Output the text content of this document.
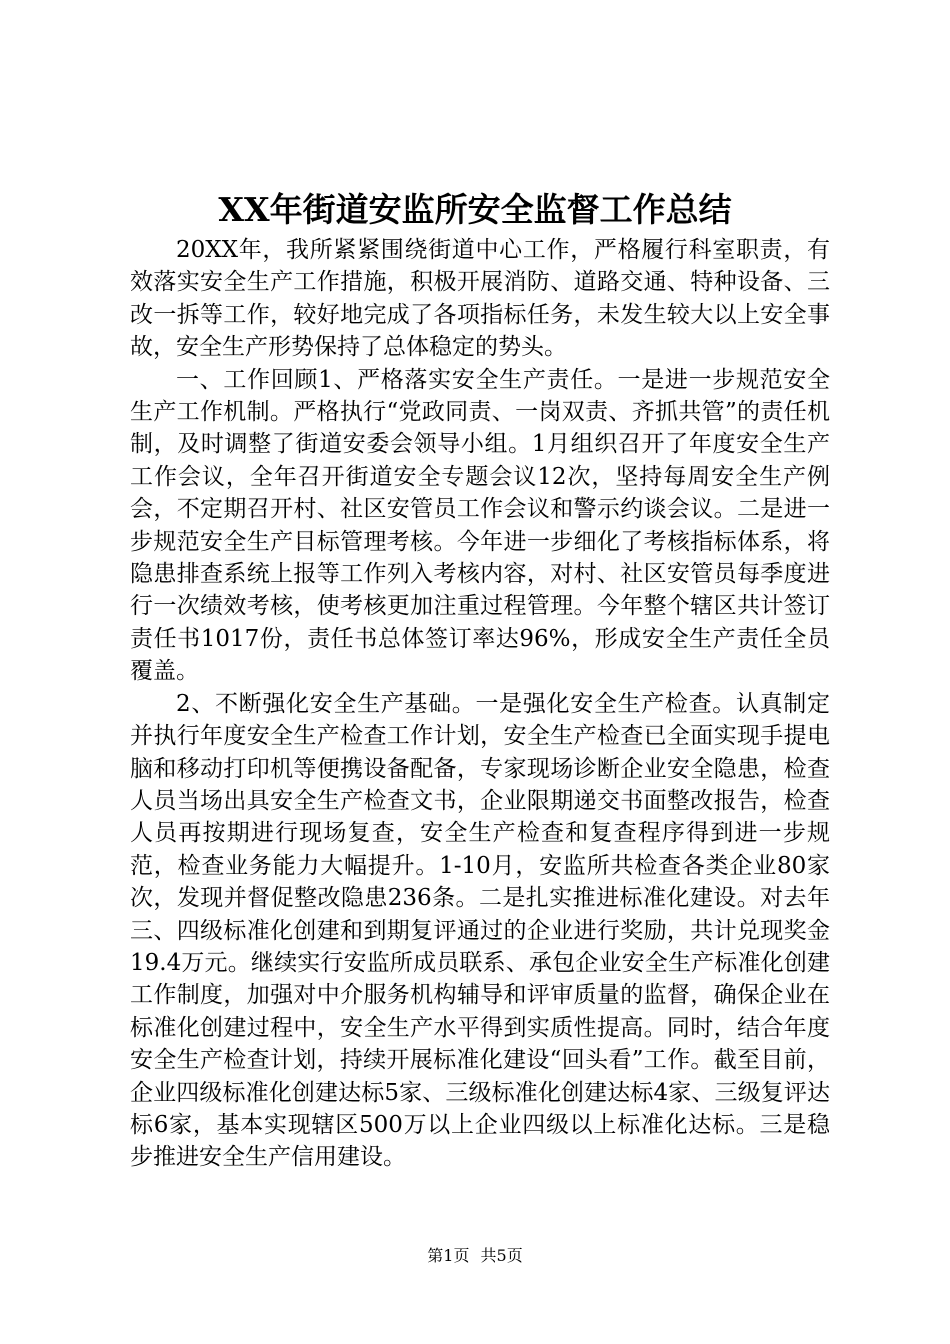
XX年街道安监所安全监督工作总结

20XX年，我所紧紧围绕街道中心工作，严格履行科室职责，有效落实安全生产工作措施，积极开展消防、道路交通、特种设备、三改一拆等工作，较好地完成了各项指标任务，未发生较大以上安全事故，安全生产形势保持了总体稳定的势头。

一、工作回顾1、严格落实安全生产责任。一是进一步规范安全生产工作机制。严格执行“党政同责、一岗双责、齐抓共管”的责任机制，及时调整了街道安委会领导小组。1月组织召开了年度安全生产工作会议，全年召开街道安全专题会议12次，坚持每周安全生产例会，不定期召开村、社区安管员工作会议和警示约谈会议。二是进一步规范安全生产目标管理考核。今年进一步细化了考核指标体系，将隐患排查系统上报等工作列入考核内容，对村、社区安管员每季度进行一次绩效考核，使考核更加注重过程管理。今年整个辖区共计签订责任书1017份，责任书总体签订率达96%，形成安全生产责任全员覆盖。

2、不断强化安全生产基础。一是强化安全生产检查。认真制定并执行年度安全生产检查工作计划，安全生产检查已全面实现手提电脑和移动打印机等便携设备配备，专家现场诊断企业安全隐患，检查人员当场出具安全生产检查文书，企业限期递交书面整改报告，检查人员再按期进行现场复查，安全生产检查和复查程序得到进一步规范，检查业务能力大幅提升。1-10月，安监所共检查各类企业80家次，发现并督促整改隐患236条。二是扎实推进标准化建设。对去年三、四级标准化创建和到期复评通过的企业进行奖励，共计兑现奖金19.4万元。继续实行安监所成员联系、承包企业安全生产标准化创建工作制度，加强对中介服务机构辅导和评审质量的监督，确保企业在标准化创建过程中，安全生产水平得到实质性提高。同时，结合年度安全生产检查计划，持续开展标准化建设“回头看”工作。截至目前，企业四级标准化创建达标5家、三级标准化创建达标4家、三级复评达标6家，基本实现辖区500万以上企业四级以上标准化达标。三是稳步推进安全生产信用建设。

第1页 共5页
